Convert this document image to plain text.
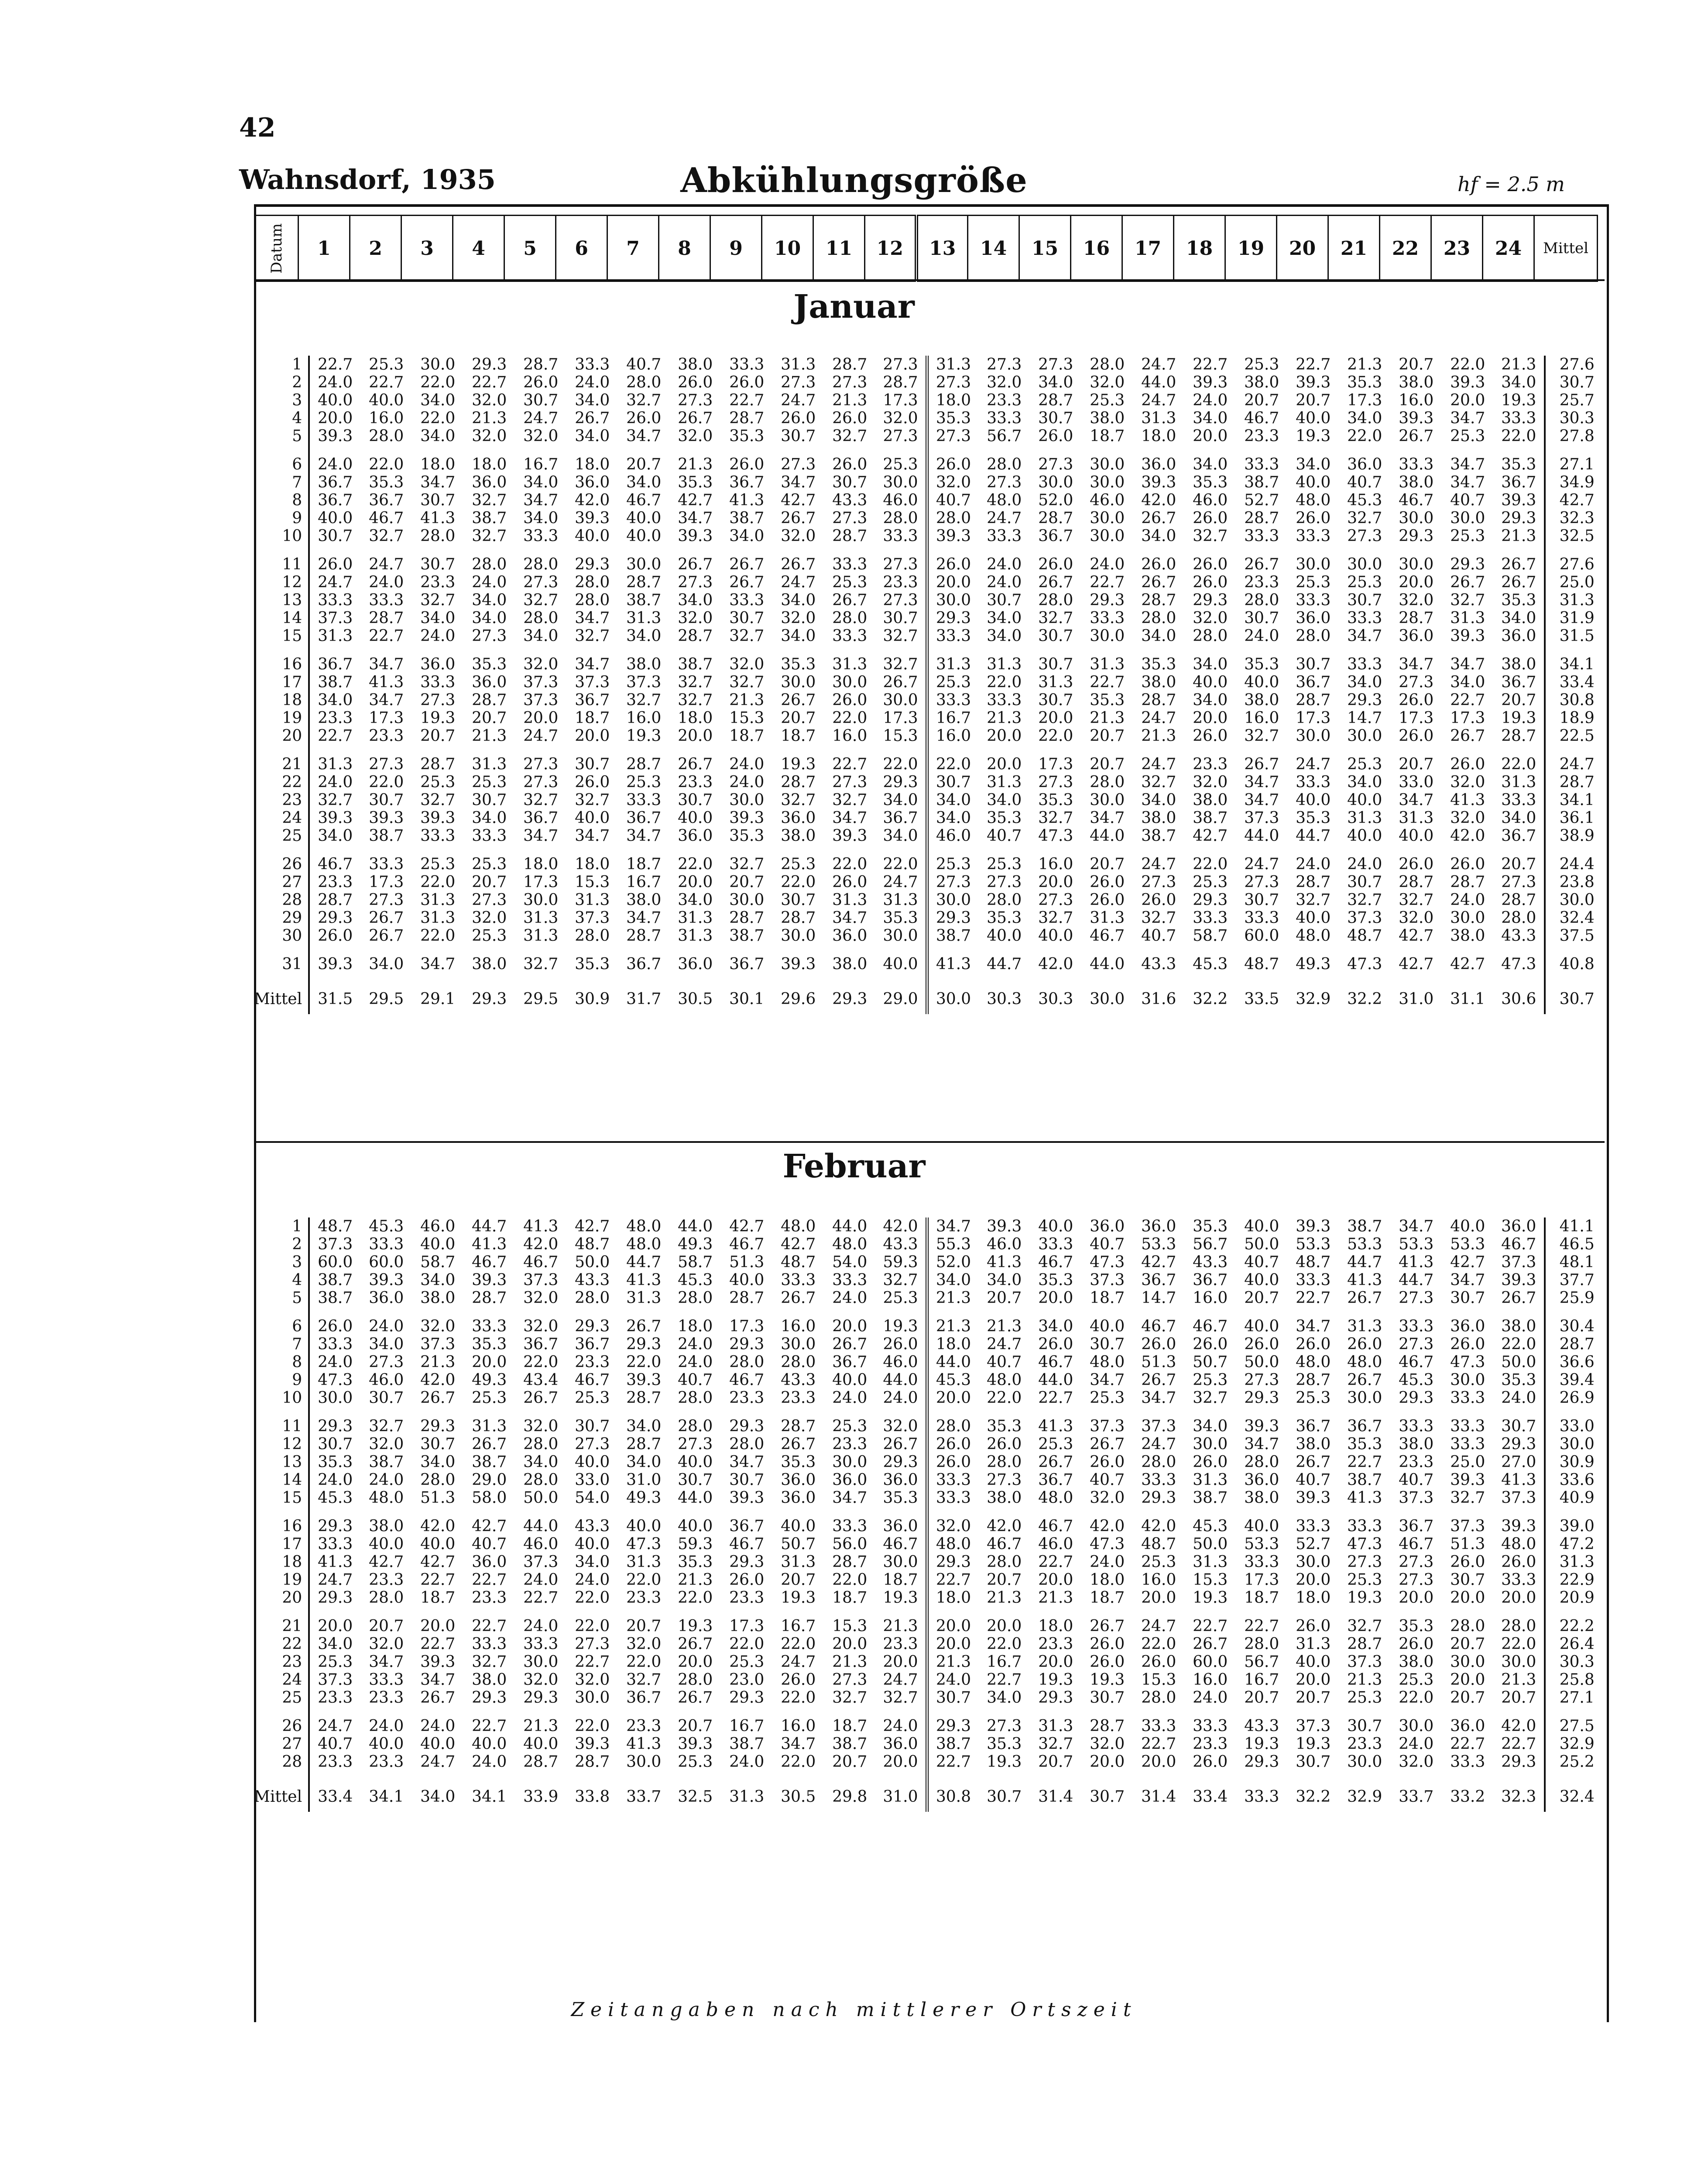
42
Wahnsdorf, 1935	Abkühlungsgröße	hf = 2.5 m
Datum	1	2	3	4	5	6	7	8	9	10	11	12	13	14	15	16	17	18	19	20	21	22	23	24	Mittel
Januar
1	22.7	25.3	30.0	29.3	28.7	33.3	40.7	38.0	33.3	31.3	28.7	27.3	31.3	27.3	27.3	28.0	24.7	22.7	25.3	22.7	21.3	20.7	22.0	21.3	27.6
2	24.0	22.7	22.0	22.7	26.0	24.0	28.0	26.0	26.0	27.3	27.3	28.7	27.3	32.0	34.0	32.0	44.0	39.3	38.0	39.3	35.3	38.0	39.3	34.0	30.7
3	40.0	40.0	34.0	32.0	30.7	34.0	32.7	27.3	22.7	24.7	21.3	17.3	18.0	23.3	28.7	25.3	24.7	24.0	20.7	20.7	17.3	16.0	20.0	19.3	25.7
4	20.0	16.0	22.0	21.3	24.7	26.7	26.0	26.7	28.7	26.0	26.0	32.0	35.3	33.3	30.7	38.0	31.3	34.0	46.7	40.0	34.0	39.3	34.7	33.3	30.3
5	39.3	28.0	34.0	32.0	32.0	34.0	34.7	32.0	35.3	30.7	32.7	27.3	27.3	56.7	26.0	18.7	18.0	20.0	23.3	19.3	22.0	26.7	25.3	22.0	27.8

6	24.0	22.0	18.0	18.0	16.7	18.0	20.7	21.3	26.0	27.3	26.0	25.3	26.0	28.0	27.3	30.0	36.0	34.0	33.3	34.0	36.0	33.3	34.7	35.3	27.1
7	36.7	35.3	34.7	36.0	34.0	36.0	34.0	35.3	36.7	34.7	30.7	30.0	32.0	27.3	30.0	30.0	39.3	35.3	38.7	40.0	40.7	38.0	34.7	36.7	34.9
8	36.7	36.7	30.7	32.7	34.7	42.0	46.7	42.7	41.3	42.7	43.3	46.0	40.7	48.0	52.0	46.0	42.0	46.0	52.7	48.0	45.3	46.7	40.7	39.3	42.7
9	40.0	46.7	41.3	38.7	34.0	39.3	40.0	34.7	38.7	26.7	27.3	28.0	28.0	24.7	28.7	30.0	26.7	26.0	28.7	26.0	32.7	30.0	30.0	29.3	32.3
10	30.7	32.7	28.0	32.7	33.3	40.0	40.0	39.3	34.0	32.0	28.7	33.3	39.3	33.3	36.7	30.0	34.0	32.7	33.3	33.3	27.3	29.3	25.3	21.3	32.5

11	26.0	24.7	30.7	28.0	28.0	29.3	30.0	26.7	26.7	26.7	33.3	27.3	26.0	24.0	26.0	24.0	26.0	26.0	26.7	30.0	30.0	30.0	29.3	26.7	27.6
12	24.7	24.0	23.3	24.0	27.3	28.0	28.7	27.3	26.7	24.7	25.3	23.3	20.0	24.0	26.7	22.7	26.7	26.0	23.3	25.3	25.3	20.0	26.7	26.7	25.0
13	33.3	33.3	32.7	34.0	32.7	28.0	38.7	34.0	33.3	34.0	26.7	27.3	30.0	30.7	28.0	29.3	28.7	29.3	28.0	33.3	30.7	32.0	32.7	35.3	31.3
14	37.3	28.7	34.0	34.0	28.0	34.7	31.3	32.0	30.7	32.0	28.0	30.7	29.3	34.0	32.7	33.3	28.0	32.0	30.7	36.0	33.3	28.7	31.3	34.0	31.9
15	31.3	22.7	24.0	27.3	34.0	32.7	34.0	28.7	32.7	34.0	33.3	32.7	33.3	34.0	30.7	30.0	34.0	28.0	24.0	28.0	34.7	36.0	39.3	36.0	31.5

16	36.7	34.7	36.0	35.3	32.0	34.7	38.0	38.7	32.0	35.3	31.3	32.7	31.3	31.3	30.7	31.3	35.3	34.0	35.3	30.7	33.3	34.7	34.7	38.0	34.1
17	38.7	41.3	33.3	36.0	37.3	37.3	37.3	32.7	32.7	30.0	30.0	26.7	25.3	22.0	31.3	22.7	38.0	40.0	40.0	36.7	34.0	27.3	34.0	36.7	33.4
18	34.0	34.7	27.3	28.7	37.3	36.7	32.7	32.7	21.3	26.7	26.0	30.0	33.3	33.3	30.7	35.3	28.7	34.0	38.0	28.7	29.3	26.0	22.7	20.7	30.8
19	23.3	17.3	19.3	20.7	20.0	18.7	16.0	18.0	15.3	20.7	22.0	17.3	16.7	21.3	20.0	21.3	24.7	20.0	16.0	17.3	14.7	17.3	17.3	19.3	18.9
20	22.7	23.3	20.7	21.3	24.7	20.0	19.3	20.0	18.7	18.7	16.0	15.3	16.0	20.0	22.0	20.7	21.3	26.0	32.7	30.0	30.0	26.0	26.7	28.7	22.5

21	31.3	27.3	28.7	31.3	27.3	30.7	28.7	26.7	24.0	19.3	22.7	22.0	22.0	20.0	17.3	20.7	24.7	23.3	26.7	24.7	25.3	20.7	26.0	22.0	24.7
22	24.0	22.0	25.3	25.3	27.3	26.0	25.3	23.3	24.0	28.7	27.3	29.3	30.7	31.3	27.3	28.0	32.7	32.0	34.7	33.3	34.0	33.0	32.0	31.3	28.7
23	32.7	30.7	32.7	30.7	32.7	32.7	33.3	30.7	30.0	32.7	32.7	34.0	34.0	34.0	35.3	30.0	34.0	38.0	34.7	40.0	40.0	34.7	41.3	33.3	34.1
24	39.3	39.3	39.3	34.0	36.7	40.0	36.7	40.0	39.3	36.0	34.7	36.7	34.0	35.3	32.7	34.7	38.0	38.7	37.3	35.3	31.3	31.3	32.0	34.0	36.1
25	34.0	38.7	33.3	33.3	34.7	34.7	34.7	36.0	35.3	38.0	39.3	34.0	46.0	40.7	47.3	44.0	38.7	42.7	44.0	44.7	40.0	40.0	42.0	36.7	38.9

26	46.7	33.3	25.3	25.3	18.0	18.0	18.7	22.0	32.7	25.3	22.0	22.0	25.3	25.3	16.0	20.7	24.7	22.0	24.7	24.0	24.0	26.0	26.0	20.7	24.4
27	23.3	17.3	22.0	20.7	17.3	15.3	16.7	20.0	20.7	22.0	26.0	24.7	27.3	27.3	20.0	26.0	27.3	25.3	27.3	28.7	30.7	28.7	28.7	27.3	23.8
28	28.7	27.3	31.3	27.3	30.0	31.3	38.0	34.0	30.0	30.7	31.3	31.3	30.0	28.0	27.3	26.0	26.0	29.3	30.7	32.7	32.7	32.7	24.0	28.7	30.0
29	29.3	26.7	31.3	32.0	31.3	37.3	34.7	31.3	28.7	28.7	34.7	35.3	29.3	35.3	32.7	31.3	32.7	33.3	33.3	40.0	37.3	32.0	30.0	28.0	32.4
30	26.0	26.7	22.0	25.3	31.3	28.0	28.7	31.3	38.7	30.0	36.0	30.0	38.7	40.0	40.0	46.7	40.7	58.7	60.0	48.0	48.7	42.7	38.0	43.3	37.5

31	39.3	34.0	34.7	38.0	32.7	35.3	36.7	36.0	36.7	39.3	38.0	40.0	41.3	44.7	42.0	44.0	43.3	45.3	48.7	49.3	47.3	42.7	42.7	47.3	40.8

Mittel	31.5	29.5	29.1	29.3	29.5	30.9	31.7	30.5	30.1	29.6	29.3	29.0	30.0	30.3	30.3	30.0	31.6	32.2	33.5	32.9	32.2	31.0	31.1	30.6	30.7
Februar
1	48.7	45.3	46.0	44.7	41.3	42.7	48.0	44.0	42.7	48.0	44.0	42.0	34.7	39.3	40.0	36.0	36.0	35.3	40.0	39.3	38.7	34.7	40.0	36.0	41.1
2	37.3	33.3	40.0	41.3	42.0	48.7	48.0	49.3	46.7	42.7	48.0	43.3	55.3	46.0	33.3	40.7	53.3	56.7	50.0	53.3	53.3	53.3	53.3	46.7	46.5
3	60.0	60.0	58.7	46.7	46.7	50.0	44.7	58.7	51.3	48.7	54.0	59.3	52.0	41.3	46.7	47.3	42.7	43.3	40.7	48.7	44.7	41.3	42.7	37.3	48.1
4	38.7	39.3	34.0	39.3	37.3	43.3	41.3	45.3	40.0	33.3	33.3	32.7	34.0	34.0	35.3	37.3	36.7	36.7	40.0	33.3	41.3	44.7	34.7	39.3	37.7
5	38.7	36.0	38.0	28.7	32.0	28.0	31.3	28.0	28.7	26.7	24.0	25.3	21.3	20.7	20.0	18.7	14.7	16.0	20.7	22.7	26.7	27.3	30.7	26.7	25.9

6	26.0	24.0	32.0	33.3	32.0	29.3	26.7	18.0	17.3	16.0	20.0	19.3	21.3	21.3	34.0	40.0	46.7	46.7	40.0	34.7	31.3	33.3	36.0	38.0	30.4
7	33.3	34.0	37.3	35.3	36.7	36.7	29.3	24.0	29.3	30.0	26.7	26.0	18.0	24.7	26.0	30.7	26.0	26.0	26.0	26.0	26.0	27.3	26.0	22.0	28.7
8	24.0	27.3	21.3	20.0	22.0	23.3	22.0	24.0	28.0	28.0	36.7	46.0	44.0	40.7	46.7	48.0	51.3	50.7	50.0	48.0	48.0	46.7	47.3	50.0	36.6
9	47.3	46.0	42.0	49.3	43.4	46.7	39.3	40.7	46.7	43.3	40.0	44.0	45.3	48.0	44.0	34.7	26.7	25.3	27.3	28.7	26.7	45.3	30.0	35.3	39.4
10	30.0	30.7	26.7	25.3	26.7	25.3	28.7	28.0	23.3	23.3	24.0	24.0	20.0	22.0	22.7	25.3	34.7	32.7	29.3	25.3	30.0	29.3	33.3	24.0	26.9

11	29.3	32.7	29.3	31.3	32.0	30.7	34.0	28.0	29.3	28.7	25.3	32.0	28.0	35.3	41.3	37.3	37.3	34.0	39.3	36.7	36.7	33.3	33.3	30.7	33.0
12	30.7	32.0	30.7	26.7	28.0	27.3	28.7	27.3	28.0	26.7	23.3	26.7	26.0	26.0	25.3	26.7	24.7	30.0	34.7	38.0	35.3	38.0	33.3	29.3	30.0
13	35.3	38.7	34.0	38.7	34.0	40.0	34.0	40.0	34.7	35.3	30.0	29.3	26.0	28.0	26.7	26.0	28.0	26.0	28.0	26.7	22.7	23.3	25.0	27.0	30.9
14	24.0	24.0	28.0	29.0	28.0	33.0	31.0	30.7	30.7	36.0	36.0	36.0	33.3	27.3	36.7	40.7	33.3	31.3	36.0	40.7	38.7	40.7	39.3	41.3	33.6
15	45.3	48.0	51.3	58.0	50.0	54.0	49.3	44.0	39.3	36.0	34.7	35.3	33.3	38.0	48.0	32.0	29.3	38.7	38.0	39.3	41.3	37.3	32.7	37.3	40.9

16	29.3	38.0	42.0	42.7	44.0	43.3	40.0	40.0	36.7	40.0	33.3	36.0	32.0	42.0	46.7	42.0	42.0	45.3	40.0	33.3	33.3	36.7	37.3	39.3	39.0
17	33.3	40.0	40.0	40.7	46.0	40.0	47.3	59.3	46.7	50.7	56.0	46.7	48.0	46.7	46.0	47.3	48.7	50.0	53.3	52.7	47.3	46.7	51.3	48.0	47.2
18	41.3	42.7	42.7	36.0	37.3	34.0	31.3	35.3	29.3	31.3	28.7	30.0	29.3	28.0	22.7	24.0	25.3	31.3	33.3	30.0	27.3	27.3	26.0	26.0	31.3
19	24.7	23.3	22.7	22.7	24.0	24.0	22.0	21.3	26.0	20.7	22.0	18.7	22.7	20.7	20.0	18.0	16.0	15.3	17.3	20.0	25.3	27.3	30.7	33.3	22.9
20	29.3	28.0	18.7	23.3	22.7	22.0	23.3	22.0	23.3	19.3	18.7	19.3	18.0	21.3	21.3	18.7	20.0	19.3	18.7	18.0	19.3	20.0	20.0	20.0	20.9

21	20.0	20.7	20.0	22.7	24.0	22.0	20.7	19.3	17.3	16.7	15.3	21.3	20.0	20.0	18.0	26.7	24.7	22.7	22.7	26.0	32.7	35.3	28.0	28.0	22.2
22	34.0	32.0	22.7	33.3	33.3	27.3	32.0	26.7	22.0	22.0	20.0	23.3	20.0	22.0	23.3	26.0	22.0	26.7	28.0	31.3	28.7	26.0	20.7	22.0	26.4
23	25.3	34.7	39.3	32.7	30.0	22.7	22.0	20.0	25.3	24.7	21.3	20.0	21.3	16.7	20.0	26.0	26.0	60.0	56.7	40.0	37.3	38.0	30.0	30.0	30.3
24	37.3	33.3	34.7	38.0	32.0	32.0	32.7	28.0	23.0	26.0	27.3	24.7	24.0	22.7	19.3	19.3	15.3	16.0	16.7	20.0	21.3	25.3	20.0	21.3	25.8
25	23.3	23.3	26.7	29.3	29.3	30.0	36.7	26.7	29.3	22.0	32.7	32.7	30.7	34.0	29.3	30.7	28.0	24.0	20.7	20.7	25.3	22.0	20.7	20.7	27.1

26	24.7	24.0	24.0	22.7	21.3	22.0	23.3	20.7	16.7	16.0	18.7	24.0	29.3	27.3	31.3	28.7	33.3	33.3	43.3	37.3	30.7	30.0	36.0	42.0	27.5
27	40.7	40.0	40.0	40.0	40.0	39.3	41.3	39.3	38.7	34.7	38.7	36.0	38.7	35.3	32.7	32.0	22.7	23.3	19.3	19.3	23.3	24.0	22.7	22.7	32.9
28	23.3	23.3	24.7	24.0	28.7	28.7	30.0	25.3	24.0	22.0	20.7	20.0	22.7	19.3	20.7	20.0	20.0	26.0	29.3	30.7	30.0	32.0	33.3	29.3	25.2

Mittel	33.4	34.1	34.0	34.1	33.9	33.8	33.7	32.5	31.3	30.5	29.8	31.0	30.8	30.7	31.4	30.7	31.4	33.4	33.3	32.2	32.9	33.7	33.2	32.3	32.4
Zeitangaben nach mittlerer Ortszeit
